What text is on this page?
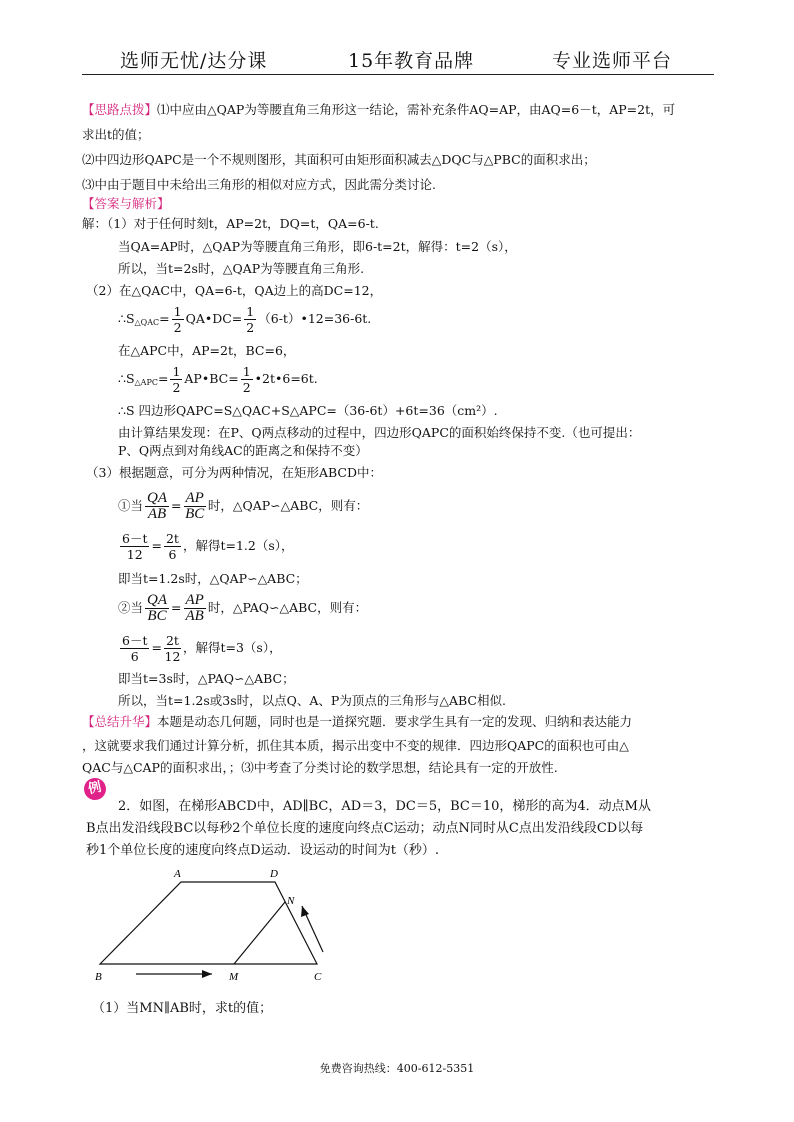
选师无忧/达分课	15年教育品牌	专业选师平台
【思路点拨】⑴中应由△QAP为等腰直角三角形这一结论，需补充条件AQ=AP，由AQ=6－t，AP=2t，可
求出t的值；
⑵中四边形QAPC是一个不规则图形，其面积可由矩形面积减去△DQC与△PBC的面积求出；
⑶中由于题目中未给出三角形的相似对应方式，因此需分类讨论.
【答案与解析】
解：（1）对于任何时刻t，AP=2t，DQ=t，QA=6-t.
当QA=AP时，△QAP为等腰直角三角形，即6-t=2t，解得：t=2（s），
所以，当t=2s时，△QAP为等腰直角三角形.
（2）在△QAC中，QA=6-t，QA边上的高DC=12，
$\therefore S_{\triangle QAC}= \frac{1}{2}$ QA•DC= $\frac{1}{2}$ （6-t）•12=36-6t.
在△APC中，AP=2t，BC=6，
$\therefore S_{\triangle APC}= \frac{1}{2}$ AP•BC= $\frac{1}{2}$ •2t•6=6t.
∴S 四边形QAPC=S△QAC+S△APC=（36-6t）+6t=36（cm²）.
由计算结果发现：在P、Q两点移动的过程中，四边形QAPC的面积始终保持不变.（也可提出：
P、Q两点到对角线AC的距离之和保持不变）
（3）根据题意，可分为两种情况，在矩形ABCD中：
①当 $\frac{QA}{AB} = \frac{AP}{BC}$ 时，△QAP∽△ABC，则有：
$\frac{6-t}{12} = \frac{2t}{6}$ ，解得t=1.2（s），
即当t=1.2s时，△QAP∽△ABC；
②当 $\frac{QA}{BC} = \frac{AP}{AB}$ 时，△PAQ∽△ABC，则有：
$\frac{6-t}{6} = \frac{2t}{12}$ ，解得t=3（s），
即当t=3s时，△PAQ∽△ABC；
所以，当t=1.2s或3s时，以点Q、A、P为顶点的三角形与△ABC相似.
【总结升华】本题是动态几何题，同时也是一道探究题．要求学生具有一定的发现、归纳和表达能力
，这就要求我们通过计算分析，抓住其本质，揭示出变中不变的规律．四边形QAPC的面积也可由△
QAC与△CAP的面积求出，；⑶中考查了分类讨论的数学思想，结论具有一定的开放性.
例
2．如图，在梯形ABCD中，AD∥BC，AD＝3，DC＝5，BC＝10，梯形的高为4．动点M从
B点出发沿线段BC以每秒2个单位长度的速度向终点C运动；动点N同时从C点出发沿线段CD以每
秒1个单位长度的速度向终点D运动．设运动的时间为t（秒）.
A	D
N
B	M	C
（1）当MN∥AB时，求t的值；
免费咨询热线：400-612-5351
